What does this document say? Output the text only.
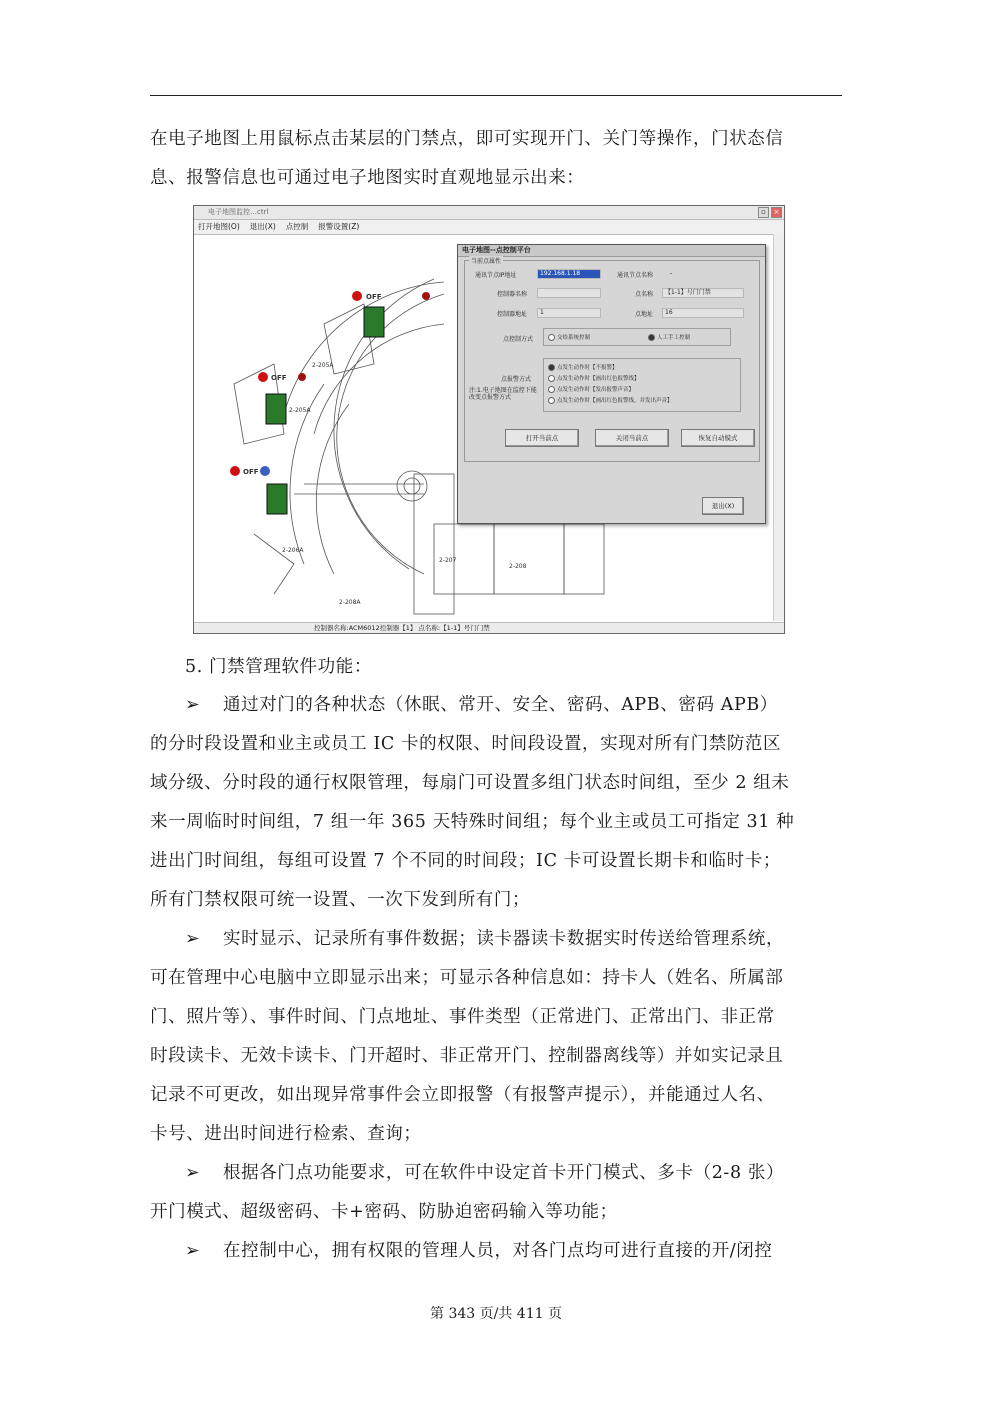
在电子地图上用鼠标点击某层的门禁点，即可实现开门、关门等操作，门状态信

息、报警信息也可通过电子地图实时直观地显示出来：

电子地图监控…ctrl	▫	×
打开地图(O) 退出(X) 点控制 报警设置(Z)
OFF
OFF
OFF
2-205A
2-205A
2-206A
2-207
2-208
2-208A
电子地图--点控制平台
当前点属性
通讯节点IP地址	192.168.1.18	通讯节点名称	-
控制器名称	点名称	【1-1】号门门禁
控制器地址	1	点地址	16
点控制方式	交给系统控制	人工手工控制
点报警方式
注:1.电子地图在监控下能改变点报警方式
点发生动作时【不报警】
点发生动作时【画出红色报警线】
点发生动作时【发出报警声音】
点发生动作时【画出红色报警线，并发出声音】
打开当前点	关闭当前点	恢复自动模式
退出(X)
控制器名称:ACM6012控制器【1】 点名称:【1-1】号门门禁

5. 门禁管理软件功能：

➢ 通过对门的各种状态（休眠、常开、安全、密码、APB、密码 APB）

的分时段设置和业主或员工 IC 卡的权限、时间段设置，实现对所有门禁防范区

域分级、分时段的通行权限管理，每扇门可设置多组门状态时间组，至少 2 组未

来一周临时时间组，7 组一年 365 天特殊时间组；每个业主或员工可指定 31 种

进出门时间组，每组可设置 7 个不同的时间段；IC 卡可设置长期卡和临时卡；

所有门禁权限可统一设置、一次下发到所有门；

➢ 实时显示、记录所有事件数据；读卡器读卡数据实时传送给管理系统，

可在管理中心电脑中立即显示出来；可显示各种信息如：持卡人（姓名、所属部

门、照片等）、事件时间、门点地址、事件类型（正常进门、正常出门、非正常

时段读卡、无效卡读卡、门开超时、非正常开门、控制器离线等）并如实记录且

记录不可更改，如出现异常事件会立即报警（有报警声提示），并能通过人名、

卡号、进出时间进行检索、查询；

➢ 根据各门点功能要求，可在软件中设定首卡开门模式、多卡（2-8 张）

开门模式、超级密码、卡+密码、防胁迫密码输入等功能；

➢ 在控制中心，拥有权限的管理人员，对各门点均可进行直接的开/闭控

第 343 页/共 411 页
